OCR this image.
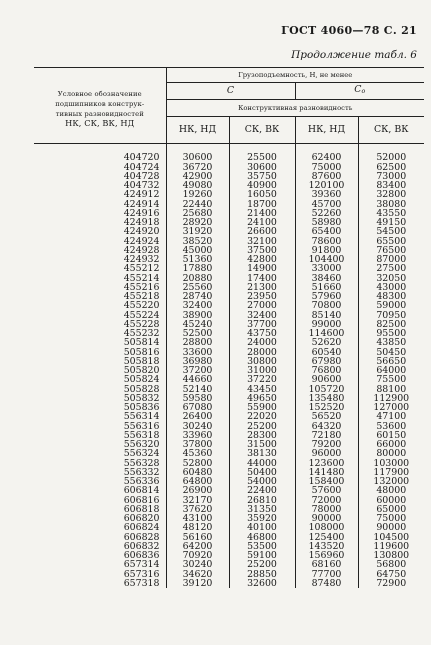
ГОСТ 4060—78 С. 21
Продолжение табл. 6
Условное обозначение
подшипников конструк-
тивных разновидностей
НК, СК, ВК, НД	Грузоподъемность, Н, не менее			
	C		Co	
	Конструктивная разновидность			
	НК, НД	СК, ВК	НК, НД	СК, ВК

404720	30600	25500	62400	52000
404724	36720	30600	75000	62500
404728	42900	35750	87600	73000
404732	49080	40900	120100	83400
424912	19260	16050	39360	32800
424914	22440	18700	45700	38080
424916	25680	21400	52260	43550
424918	28920	24100	58980	49150
424920	31920	26600	65400	54500
424924	38520	32100	78600	65500
424928	45000	37500	91800	76500
424932	51360	42800	104400	87000
455212	17880	14900	33000	27500
455214	20880	17400	38460	32050
455216	25560	21300	51660	43000
455218	28740	23950	57960	48300
455220	32400	27000	70800	59000
455224	38900	32400	85140	70950
455228	45240	37700	99000	82500
455232	52500	43750	114600	95500
505814	28800	24000	52620	43850
505816	33600	28000	60540	50450
505818	36980	30800	67980	56650
505820	37200	31000	76800	64000
505824	44660	37220	90600	75500
505828	52140	43450	105720	88100
505832	59580	49650	135480	112900
505836	67080	55900	152520	127000
556314	26400	22020	56520	47100
556316	30240	25200	64320	53600
556318	33960	28300	72180	60150
556320	37800	31500	79200	66000
556324	45360	38130	96000	80000
556328	52800	44000	123600	103000
556332	60480	50400	141480	117900
556336	64800	54000	158400	132000
606814	26900	22400	57600	48000
606816	32170	26810	72000	60000
606818	37620	31350	78000	65000
606820	43100	35920	90000	75000
606824	48120	40100	108000	90000
606828	56160	46800	125400	104500
606832	64200	53500	143520	119600
606836	70920	59100	156960	130800
657314	30240	25200	68160	56800
657316	34620	28850	77700	64750
657318	39120	32600	87480	72900
